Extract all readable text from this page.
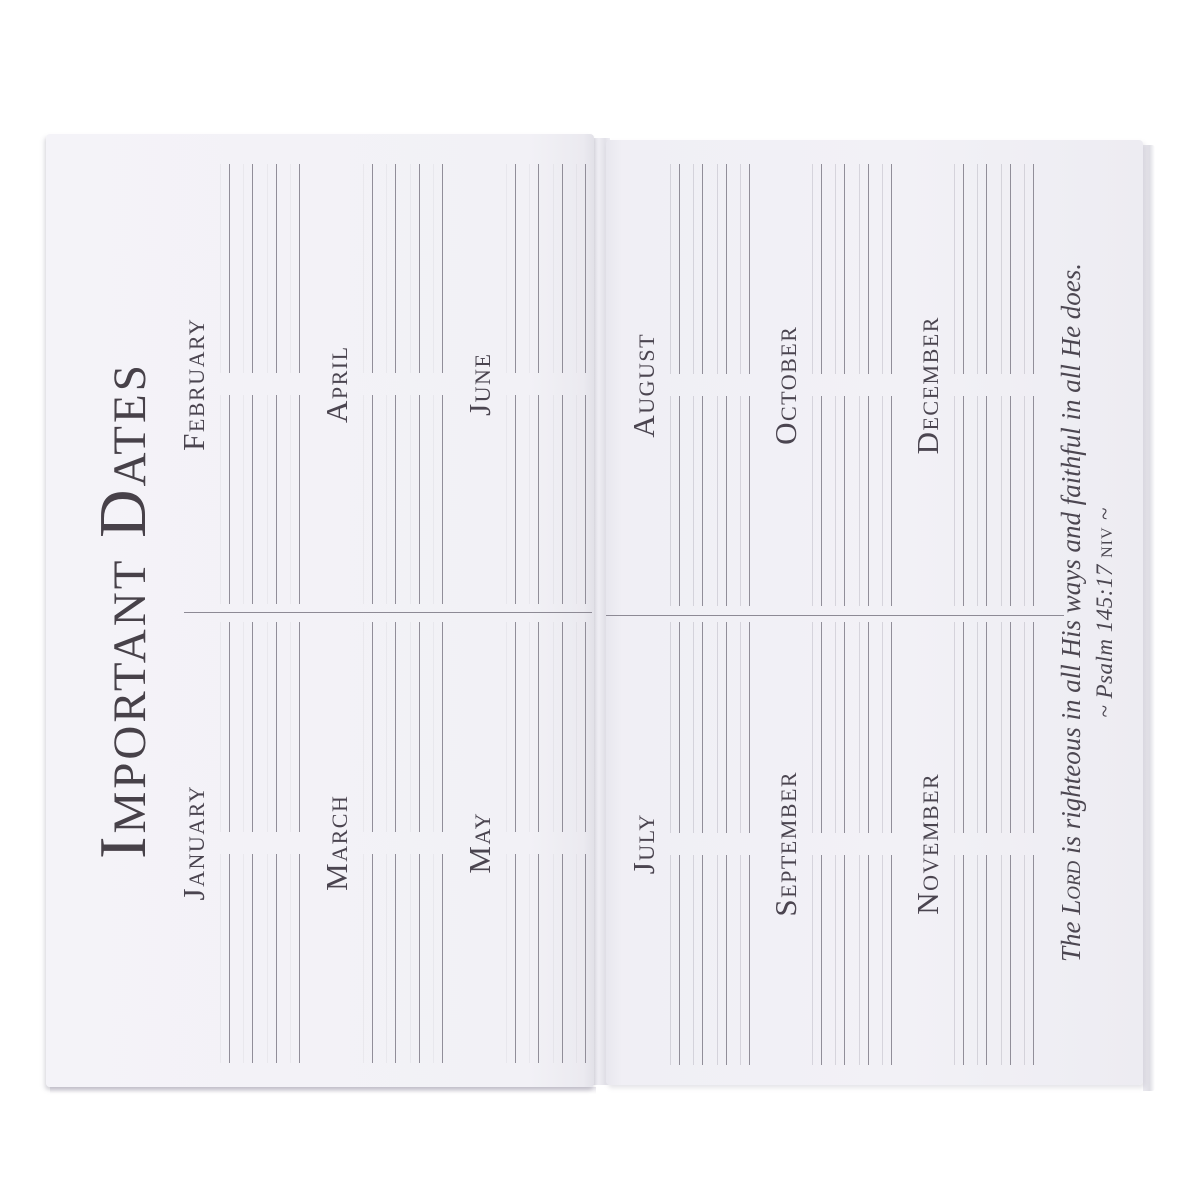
Important Dates January	March	May
February	April	June
July	September	November
August	October	December
The Lord is righteous in all His ways and faithful in all He does. ~ Psalm 145:17 niv ~
